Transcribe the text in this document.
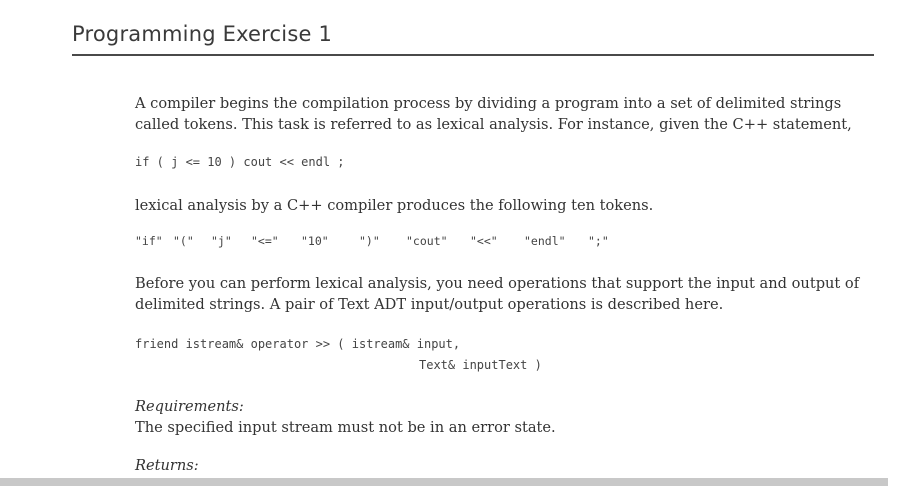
Programming Exercise 1

A compiler begins the compilation process by dividing a program into a set of delimited strings called tokens. This task is referred to as lexical analysis. For instance, given the C++ statement,

if ( j <= 10 ) cout << endl ;

lexical analysis by a C++ compiler produces the following ten tokens.

"if" "("	"j"	"<="	"10"	")"	"cout"	"<<"	"endl"	";"

Before you can perform lexical analysis, you need operations that support the input and output of delimited strings. A pair of Text ADT input/output operations is described here.

friend istream& operator >> ( istream& input,

Text& inputText )

Requirements:

The specified input stream must not be in an error state.

Returns:
